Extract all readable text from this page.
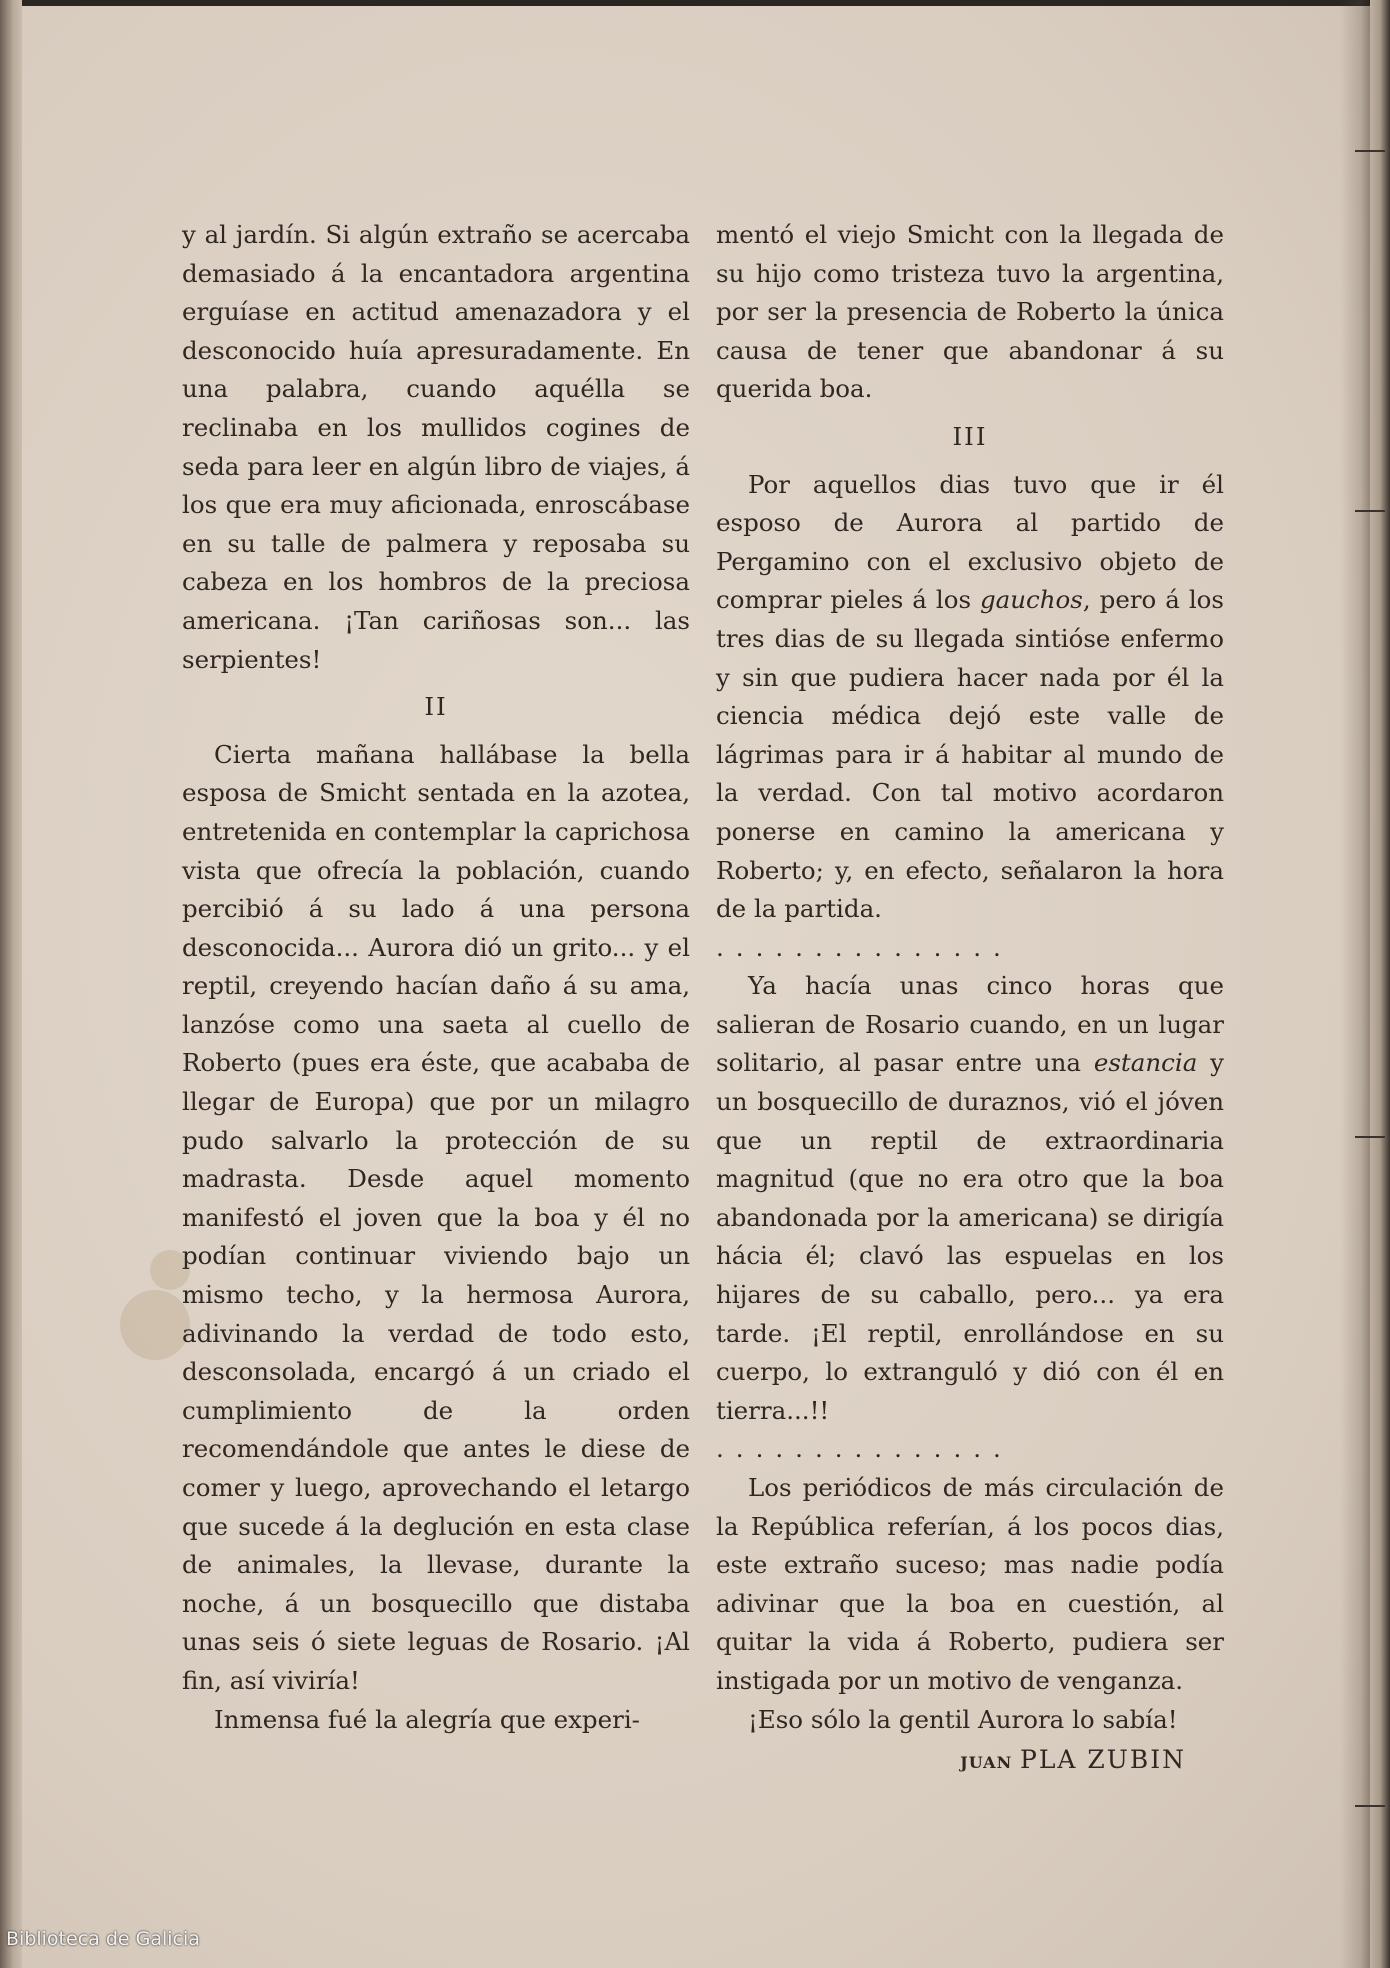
y al jardín. Si algún extraño se acercaba demasiado á la encantadora argentina erguíase en actitud amenazadora y el desconocido huía apresuradamente. En una palabra, cuando aquélla se reclinaba en los mullidos cogines de seda para leer en algún libro de viajes, á los que era muy aficionada, enroscábase en su talle de palmera y reposaba su cabeza en los hombros de la preciosa americana. ¡Tan cariñosas son... las serpientes!

II

Cierta mañana hallábase la bella esposa de Smicht sentada en la azotea, entretenida en contemplar la caprichosa vista que ofrecía la población, cuando percibió á su lado á una persona desconocida... Aurora dió un grito... y el reptil, creyendo hacían daño á su ama, lanzóse como una saeta al cuello de Roberto (pues era éste, que acababa de llegar de Europa) que por un milagro pudo salvarlo la protección de su madrasta. Desde aquel momento manifestó el joven que la boa y él no podían continuar viviendo bajo un mismo techo, y la hermosa Aurora, adivinando la verdad de todo esto, desconsolada, encargó á un criado el cumplimiento de la orden recomendándole que antes le diese de comer y luego, aprovechando el letargo que sucede á la deglución en esta clase de animales, la llevase, durante la noche, á un bosquecillo que distaba unas seis ó siete leguas de Rosario. ¡Al fin, así viviría!

Inmensa fué la alegría que experi-

mentó el viejo Smicht con la llegada de su hijo como tristeza tuvo la argentina, por ser la presencia de Roberto la única causa de tener que abandonar á su querida boa.

III

Por aquellos dias tuvo que ir él esposo de Aurora al partido de Pergamino con el exclusivo objeto de comprar pieles á los gauchos, pero á los tres dias de su llegada sintióse enfermo y sin que pudiera hacer nada por él la ciencia médica dejó este valle de lágrimas para ir á habitar al mundo de la verdad. Con tal motivo acordaron ponerse en camino la americana y Roberto; y, en efecto, señalaron la hora de la partida.

...............

Ya hacía unas cinco horas que salieran de Rosario cuando, en un lugar solitario, al pasar entre una estancia y un bosquecillo de duraznos, vió el jóven que un reptil de extraordinaria magnitud (que no era otro que la boa abandonada por la americana) se dirigía hácia él; clavó las espuelas en los hijares de su caballo, pero... ya era tarde. ¡El reptil, enrollándose en su cuerpo, lo extranguló y dió con él en tierra...!!

...............

Los periódicos de más circulación de la República referían, á los pocos dias, este extraño suceso; mas nadie podía adivinar que la boa en cuestión, al quitar la vida á Roberto, pudiera ser instigada por un motivo de venganza.

¡Eso sólo la gentil Aurora lo sabía!

JUAN PLA ZUBIN

Biblioteca de Galicia
